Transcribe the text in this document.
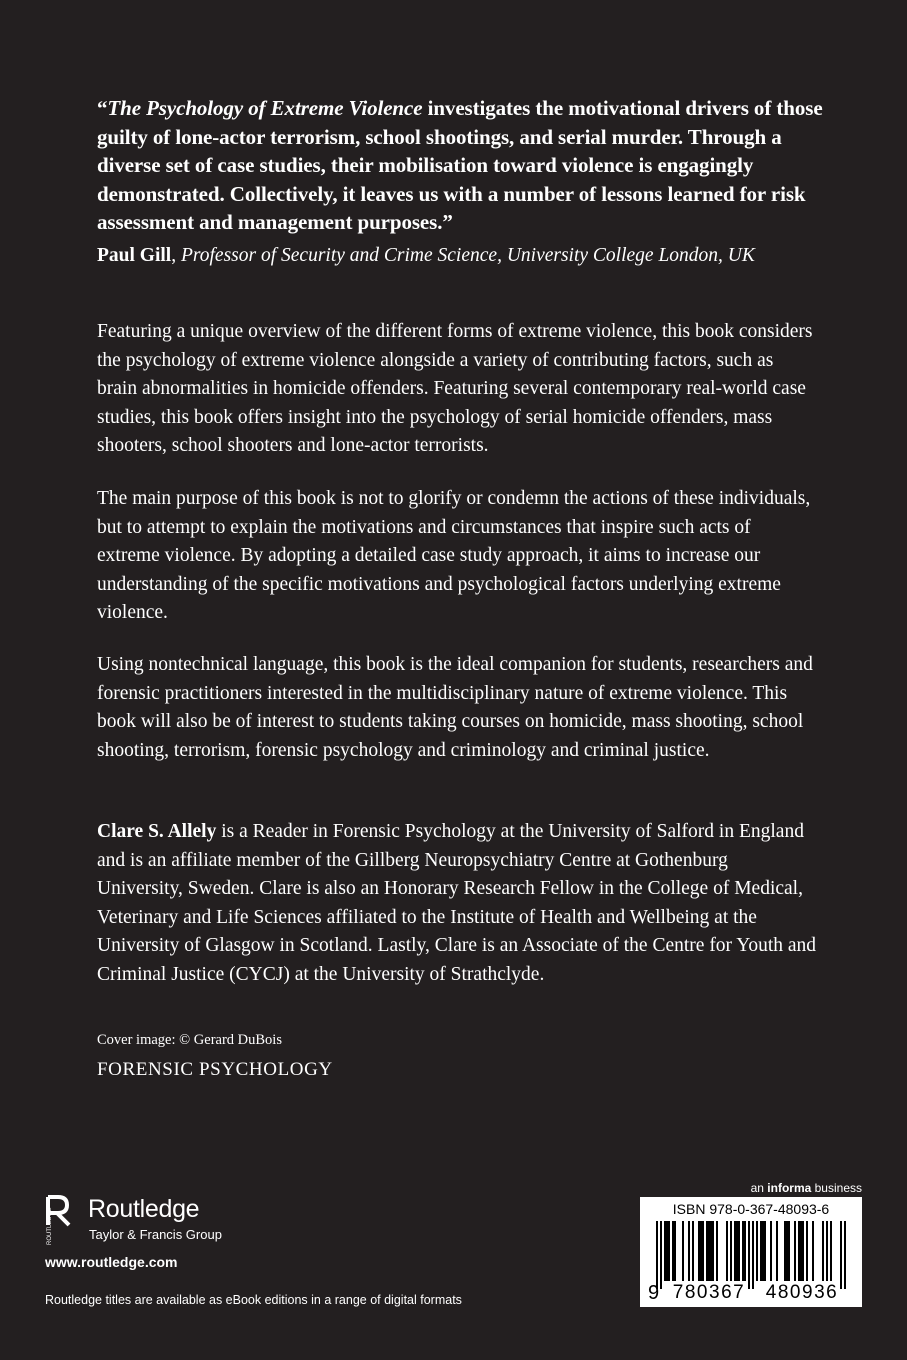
“The Psychology of Extreme Violence investigates the motivational drivers of those guilty of lone-actor terrorism, school shootings, and serial murder. Through a diverse set of case studies, their mobilisation toward violence is engagingly demonstrated. Collectively, it leaves us with a number of lessons learned for risk assessment and management purposes.”
Paul Gill, Professor of Security and Crime Science, University College London, UK

Featuring a unique overview of the different forms of extreme violence, this book considers the psychology of extreme violence alongside a variety of contributing factors, such as brain abnormalities in homicide offenders. Featuring several contemporary real-world case studies, this book offers insight into the psychology of serial homicide offenders, mass shooters, school shooters and lone-actor terrorists.

The main purpose of this book is not to glorify or condemn the actions of these individuals, but to attempt to explain the motivations and circumstances that inspire such acts of extreme violence. By adopting a detailed case study approach, it aims to increase our understanding of the specific motivations and psychological factors underlying extreme violence.

Using nontechnical language, this book is the ideal companion for students, researchers and forensic practitioners interested in the multidisciplinary nature of extreme violence. This book will also be of interest to students taking courses on homicide, mass shooting, school shooting, terrorism, forensic psychology and criminology and criminal justice.

Clare S. Allely is a Reader in Forensic Psychology at the University of Salford in England and is an affiliate member of the Gillberg Neuropsychiatry Centre at Gothenburg University, Sweden. Clare is also an Honorary Research Fellow in the College of Medical, Veterinary and Life Sciences affiliated to the Institute of Health and Wellbeing at the University of Glasgow in Scotland. Lastly, Clare is an Associate of the Centre for Youth and Criminal Justice (CYCJ) at the University of Strathclyde.

Cover image: © Gerard DuBois
FORENSIC PSYCHOLOGY
ROUTLEDGE Routledge
Taylor & Francis Group
www.routledge.com
Routledge titles are available as eBook editions in a range of digital formats
an informa business
ISBN 978-0-367-48093-6
9 780367	480936
